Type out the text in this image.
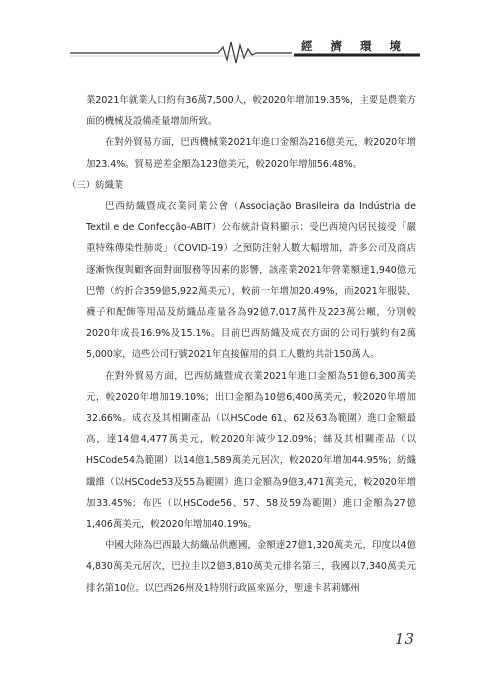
經 濟 環 境

業2021年就業人口約有36萬7,500人，較2020年增加19.35%，主要是農業方面的機械及設備產量增加所致。

在對外貿易方面，巴西機械業2021年進口金額為216億美元，較2020年增加23.4%。貿易逆差金額為123億美元，較2020年增加56.48%。

（三）紡織業

巴西紡織暨成衣業同業公會（Associação Brasileira da Indústria de Textil e de Confecção-ABIT）公布統計資料顯示：受巴西境內居民接受「嚴重特殊傳染性肺炎」（COVID-19）之預防注射人數大幅增加，許多公司及商店逐漸恢復與顧客面對面服務等因素的影響，該產業2021年營業額達1,940億元巴幣（約折合359億5,922萬美元），較前一年增加20.49%，而2021年服裝、襪子和配飾等用品及紡織品產量各為92億7,017萬件及223萬公噸，分別較2020年成長16.9%及15.1%。目前巴西紡織及成衣方面的公司行號約有2萬5,000家，這些公司行號2021年直接僱用的員工人數約共計150萬人。

在對外貿易方面，巴西紡織暨成衣業2021年進口金額為51億6,300萬美元，較2020年增加19.10%；出口金額為10億6,400萬美元，較2020年增加32.66%。成衣及其相關產品（以HSCode 61、62及63為範圍）進口金額最高，達14億4,477萬美元，較2020年減少12.09%；絲及其相關產品（以HSCode54為範圍）以14億1,589萬美元居次，較2020年增加44.95%；紡織纖維（以HSCode53及55為範圍）進口金額為9億3,471萬美元，較2020年增加33.45%；布匹（以HSCode56、57、58及59為範圍）進口金額為27億1,406萬美元，較2020年增加40.19%。

中國大陸為巴西最大紡織品供應國，金額達27億1,320萬美元，印度以4億4,830萬美元居次，巴拉圭以2億3,810萬美元排名第三，我國以7,340萬美元排名第10位。以巴西26州及1特別行政區來區分，聖達卡茗莉娜州

13
